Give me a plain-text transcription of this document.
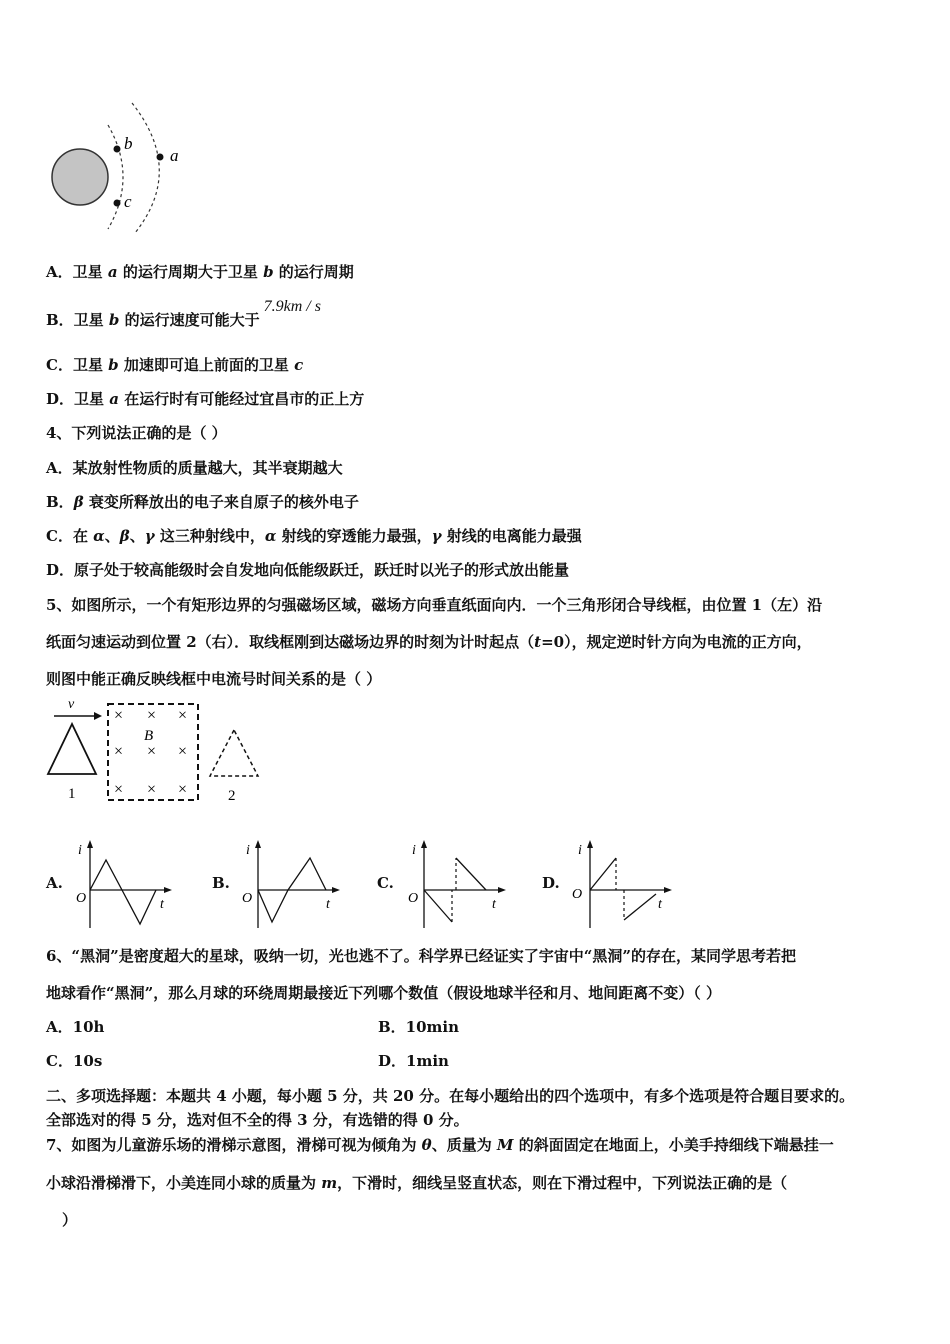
b
c
a
A．卫星 a 的运行周期大于卫星 b 的运行周期
B．卫星 b 的运行速度可能大于7.9km / s
C．卫星 b 加速即可追上前面的卫星 c
D．卫星 a 在运行时有可能经过宜昌市的正上方
4、下列说法正确的是（ ）
A．某放射性物质的质量越大，其半衰期越大
B．β 衰变所释放出的电子来自原子的核外电子
C．在 α、β、γ 这三种射线中，α 射线的穿透能力最强，γ 射线的电离能力最强
D．原子处于较高能级时会自发地向低能级跃迁，跃迁时以光子的形式放出能量
5、如图所示，一个有矩形边界的匀强磁场区域，磁场方向垂直纸面向内．一个三角形闭合导线框，由位置 1（左）沿
纸面匀速运动到位置 2（右）．取线框刚到达磁场边界的时刻为计时起点（t=0），规定逆时针方向为电流的正方向，
则图中能正确反映线框中电流号时间关系的是（ ）
v
1
× × ×
B
× × ×
× × ×	2
A.
i
O	t
B.
i
O	t
C.
i
O	t
D.
i
O
t
6、“黑洞”是密度超大的星球，吸纳一切，光也逃不了。科学界已经证实了宇宙中“黑洞”的存在，某同学思考若把
地球看作“黑洞”，那么月球的环绕周期最接近下列哪个数值（假设地球半径和月、地间距离不变）（ ）
A．10h	B．10min
C．10s	D．1min
二、多项选择题：本题共 4 小题，每小题 5 分，共 20 分。在每小题给出的四个选项中，有多个选项是符合题目要求的。
全部选对的得 5 分，选对但不全的得 3 分，有选错的得 0 分。
7、如图为儿童游乐场的滑梯示意图，滑梯可视为倾角为 θ、质量为 M 的斜面固定在地面上，小美手持细线下端悬挂一
小球沿滑梯滑下，小美连同小球的质量为 m，下滑时，细线呈竖直状态，则在下滑过程中，下列说法正确的是（
）
